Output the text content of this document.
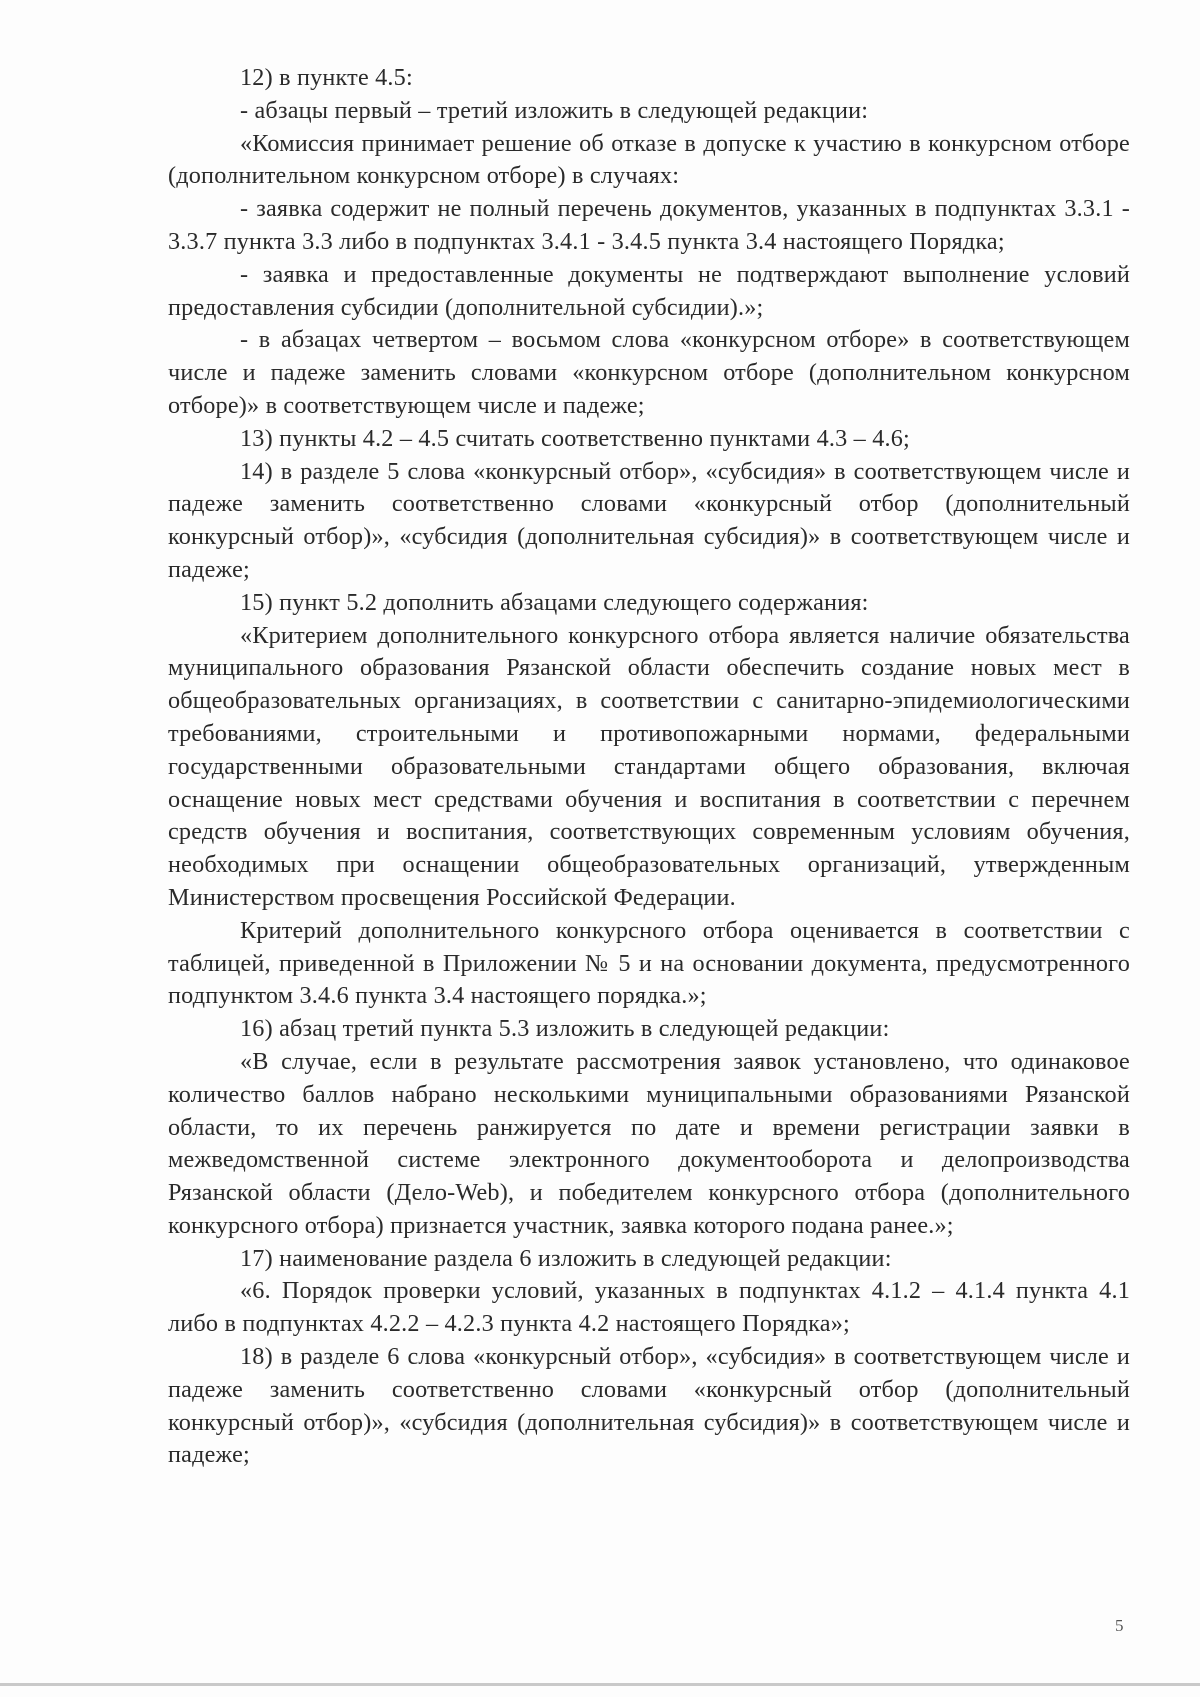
12) в пункте 4.5:

- абзацы первый – третий изложить в следующей редакции:

«Комиссия принимает решение об отказе в допуске к участию в конкурсном отборе (дополнительном конкурсном отборе) в случаях:

- заявка содержит не полный перечень документов, указанных в подпунктах 3.3.1 - 3.3.7 пункта 3.3 либо в подпунктах 3.4.1 - 3.4.5 пункта 3.4 настоящего Порядка;

- заявка и предоставленные документы не подтверждают выполнение условий предоставления субсидии (дополнительной субсидии).»;

- в абзацах четвертом – восьмом слова «конкурсном отборе» в соответствующем числе и падеже заменить словами «конкурсном отборе (дополнительном конкурсном отборе)» в соответствующем числе и падеже;

13) пункты 4.2 – 4.5 считать соответственно пунктами 4.3 – 4.6;

14) в разделе 5 слова «конкурсный отбор», «субсидия» в соответствующем числе и падеже заменить соответственно словами «конкурсный отбор (дополнительный конкурсный отбор)», «субсидия (дополнительная субсидия)» в соответствующем числе и падеже;

15) пункт 5.2 дополнить абзацами следующего содержания:

«Критерием дополнительного конкурсного отбора является наличие обязательства муниципального образования Рязанской области обеспечить создание новых мест в общеобразовательных организациях, в соответствии с санитарно-эпидемиологическими требованиями, строительными и противопожарными нормами, федеральными государственными образовательными стандартами общего образования, включая оснащение новых мест средствами обучения и воспитания в соответствии с перечнем средств обучения и воспитания, соответствующих современным условиям обучения, необходимых при оснащении общеобразовательных организаций, утвержденным Министерством просвещения Российской Федерации.

Критерий дополнительного конкурсного отбора оценивается в соответствии с таблицей, приведенной в Приложении № 5 и на основании документа, предусмотренного подпунктом 3.4.6 пункта 3.4 настоящего порядка.»;

16) абзац третий пункта 5.3 изложить в следующей редакции:

«В случае, если в результате рассмотрения заявок установлено, что одинаковое количество баллов набрано несколькими муниципальными образованиями Рязанской области, то их перечень ранжируется по дате и времени регистрации заявки в межведомственной системе электронного документооборота и делопроизводства Рязанской области (Дело-Web), и победителем конкурсного отбора (дополнительного конкурсного отбора) признается участник, заявка которого подана ранее.»;

17) наименование раздела 6 изложить в следующей редакции:

«6. Порядок проверки условий, указанных в подпунктах 4.1.2 – 4.1.4 пункта 4.1 либо в подпунктах 4.2.2 – 4.2.3 пункта 4.2 настоящего Порядка»;

18) в разделе 6 слова «конкурсный отбор», «субсидия» в соответствующем числе и падеже заменить соответственно словами «конкурсный отбор (дополнительный конкурсный отбор)», «субсидия (дополнительная субсидия)» в соответствующем числе и падеже;

5
